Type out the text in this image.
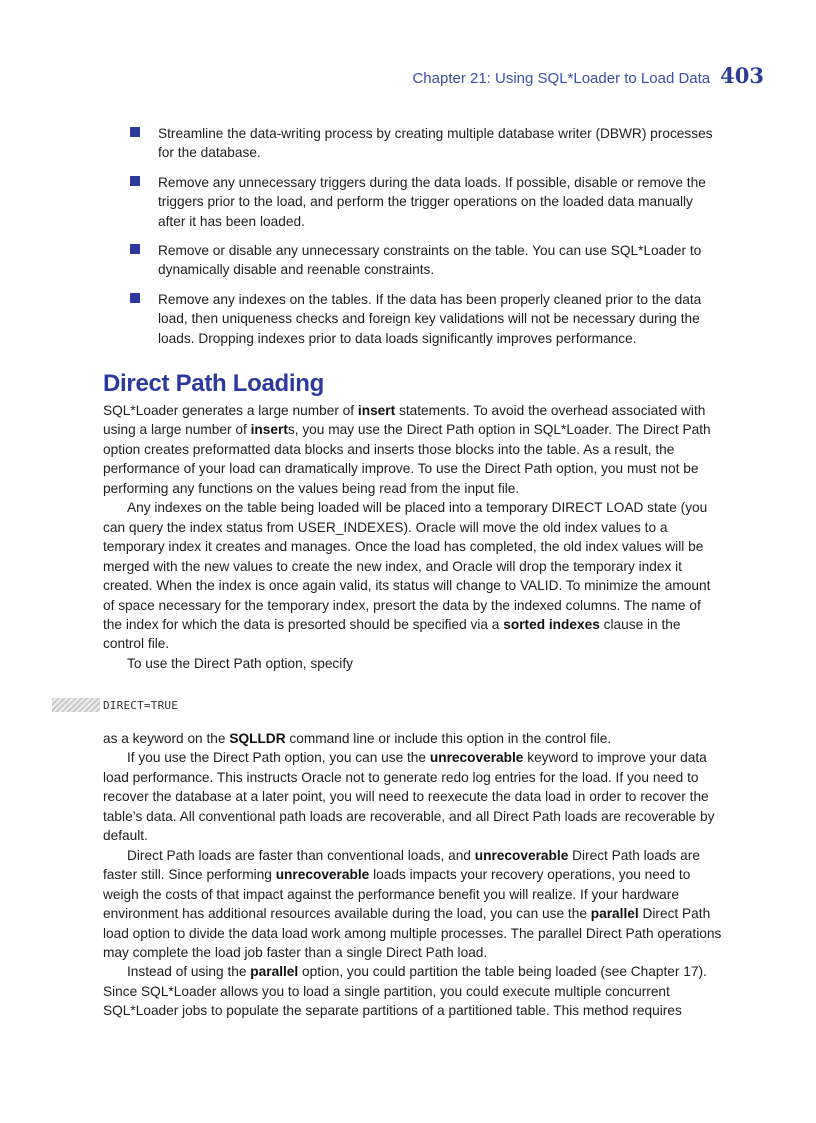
Chapter 21: Using SQL*Loader to Load Data 403
Streamline the data-writing process by creating multiple database writer (DBWR) processes for the database.
Remove any unnecessary triggers during the data loads. If possible, disable or remove the triggers prior to the load, and perform the trigger operations on the loaded data manually after it has been loaded.
Remove or disable any unnecessary constraints on the table. You can use SQL*Loader to dynamically disable and reenable constraints.
Remove any indexes on the tables. If the data has been properly cleaned prior to the data load, then uniqueness checks and foreign key validations will not be necessary during the loads. Dropping indexes prior to data loads significantly improves performance.
Direct Path Loading

SQL*Loader generates a large number of insert statements. To avoid the overhead associated with using a large number of inserts, you may use the Direct Path option in SQL*Loader. The Direct Path option creates preformatted data blocks and inserts those blocks into the table. As a result, the performance of your load can dramatically improve. To use the Direct Path option, you must not be performing any functions on the values being read from the input file.

Any indexes on the table being loaded will be placed into a temporary DIRECT LOAD state (you can query the index status from USER_INDEXES). Oracle will move the old index values to a temporary index it creates and manages. Once the load has completed, the old index values will be merged with the new values to create the new index, and Oracle will drop the temporary index it created. When the index is once again valid, its status will change to VALID. To minimize the amount of space necessary for the temporary index, presort the data by the indexed columns. The name of the index for which the data is presorted should be specified via a sorted indexes clause in the control file.

To use the Direct Path option, specify

DIRECT=TRUE

as a keyword on the SQLLDR command line or include this option in the control file.

If you use the Direct Path option, you can use the unrecoverable keyword to improve your data load performance. This instructs Oracle not to generate redo log entries for the load. If you need to recover the database at a later point, you will need to reexecute the data load in order to recover the table’s data. All conventional path loads are recoverable, and all Direct Path loads are recoverable by default.

Direct Path loads are faster than conventional loads, and unrecoverable Direct Path loads are faster still. Since performing unrecoverable loads impacts your recovery operations, you need to weigh the costs of that impact against the performance benefit you will realize. If your hardware environment has additional resources available during the load, you can use the parallel Direct Path load option to divide the data load work among multiple processes. The parallel Direct Path operations may complete the load job faster than a single Direct Path load.

Instead of using the parallel option, you could partition the table being loaded (see Chapter 17). Since SQL*Loader allows you to load a single partition, you could execute multiple concurrent SQL*Loader jobs to populate the separate partitions of a partitioned table. This method requires
